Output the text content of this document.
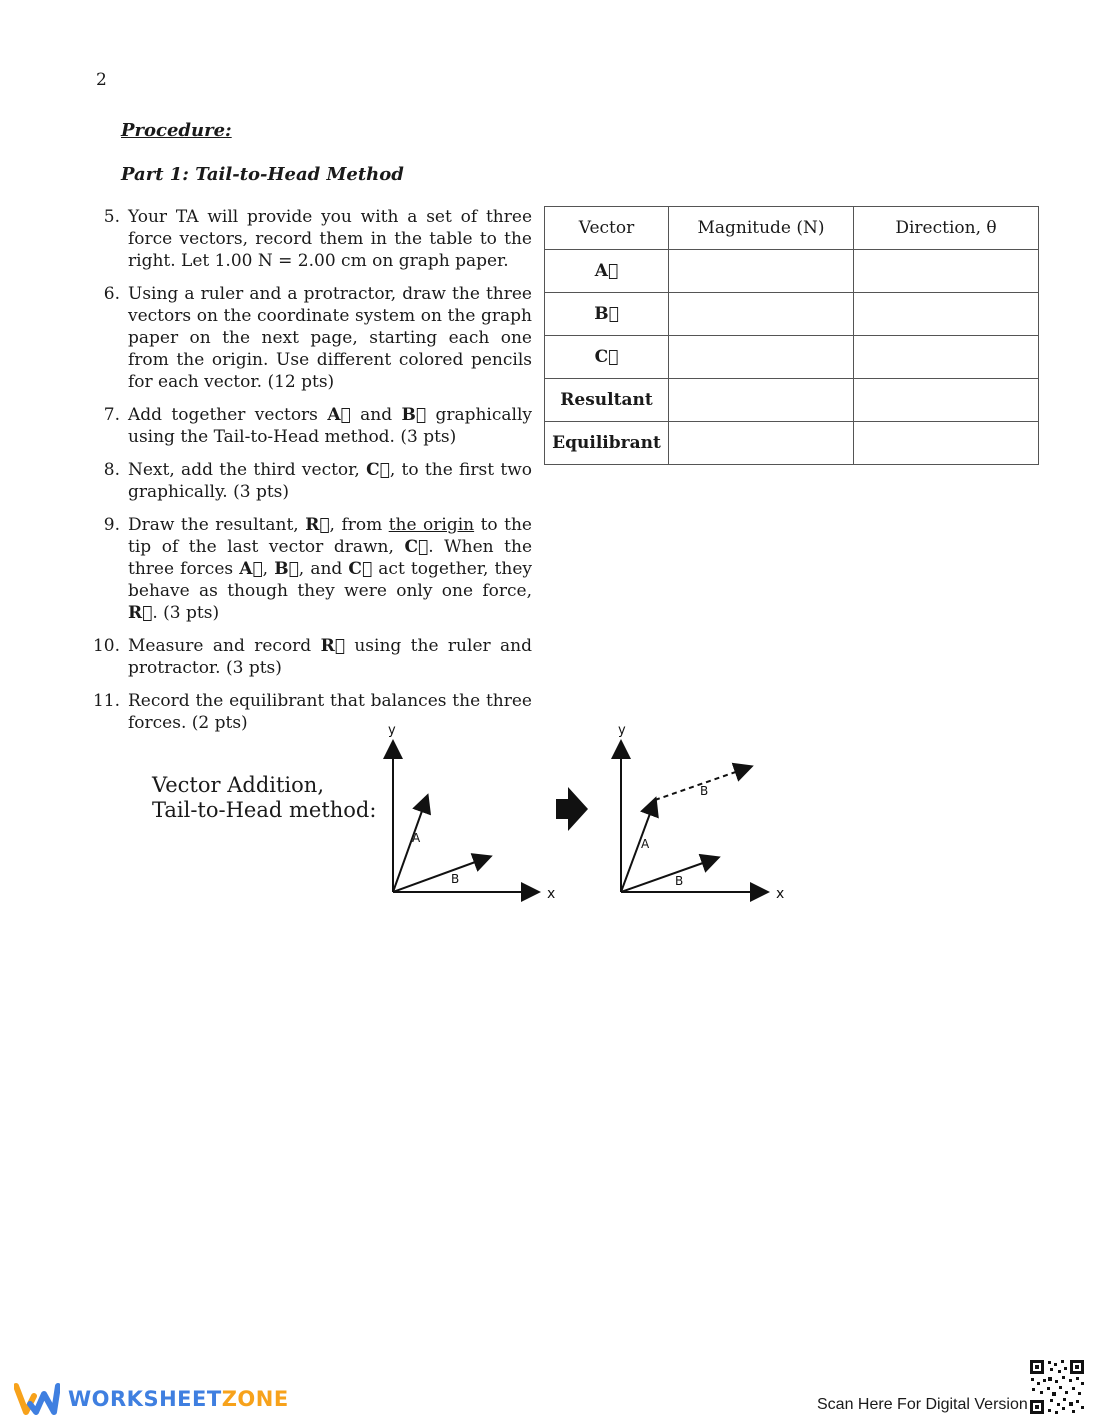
2
Procedure:
Part 1: Tail-to-Head Method
5. Your TA will provide you with a set of three force vectors, record them in the table to the right. Let 1.00 N = 2.00 cm on graph paper.
6. Using a ruler and a protractor, draw the three vectors on the coordinate system on the graph paper on the next page, starting each one from the origin. Use different colored pencils for each vector. (12 pts)
7. Add together vectors A⃗ and B⃗ graphically using the Tail-to-Head method. (3 pts)
8. Next, add the third vector, C⃗, to the first two graphically. (3 pts)
9. Draw the resultant, R⃗, from the origin to the tip of the last vector drawn, C⃗. When the three forces A⃗, B⃗, and C⃗ act together, they behave as though they were only one force, R⃗. (3 pts)
10. Measure and record R⃗ using the ruler and protractor. (3 pts)
11. Record the equilibrant that balances the three forces. (2 pts)
Vector	Magnitude (N)	Direction, θ
A⃗		
B⃗		
C⃗		
Resultant		
Equilibrant		
Vector Addition,
Tail-to-Head method:
y
x
A
B
y
x
A
B
B
WORKSHEETZONE	Scan Here For Digital Version
